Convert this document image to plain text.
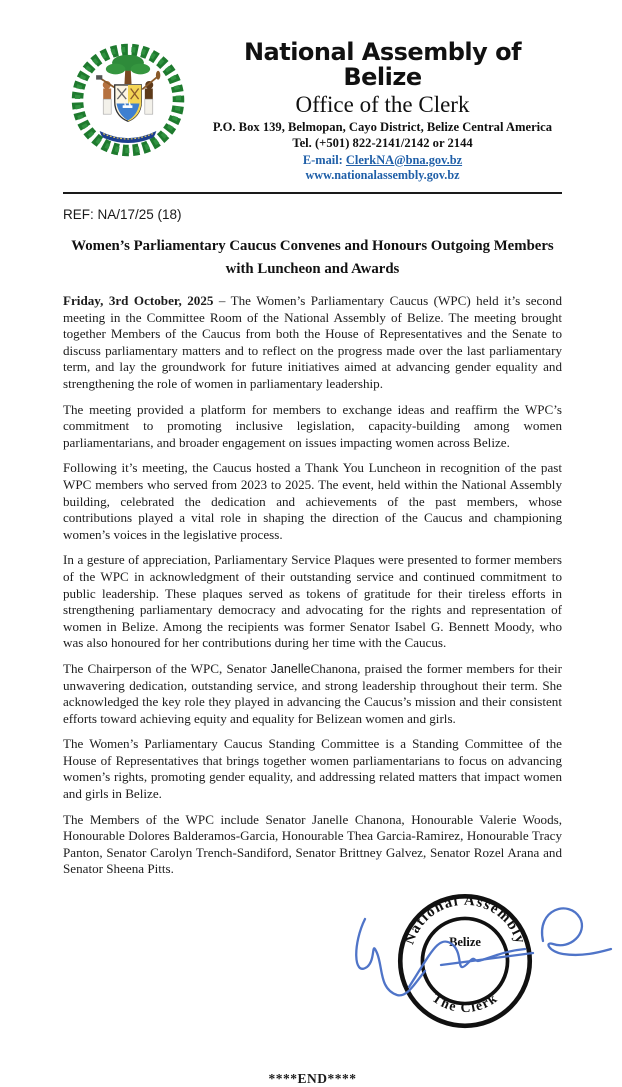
National Assembly of Belize
Office of the Clerk
P.O. Box 139, Belmopan, Cayo District, Belize Central America
Tel. (+501) 822-2141/2142 or 2144
E-mail: ClerkNA@bna.gov.bz
www.nationalassembly.gov.bz
REF: NA/17/25 (18)
Women’s Parliamentary Caucus Convenes and Honours Outgoing Members with Luncheon and Awards

Friday, 3rd October, 2025 – The Women’s Parliamentary Caucus (WPC) held it’s second meeting in the Committee Room of the National Assembly of Belize. The meeting brought together Members of the Caucus from both the House of Representatives and the Senate to discuss parliamentary matters and to reflect on the progress made over the last parliamentary term, and lay the groundwork for future initiatives aimed at advancing gender equality and strengthening the role of women in parliamentary leadership.

The meeting provided a platform for members to exchange ideas and reaffirm the WPC’s commitment to promoting inclusive legislation, capacity-building among women parliamentarians, and broader engagement on issues impacting women across Belize.

Following it’s meeting, the Caucus hosted a Thank You Luncheon in recognition of the past WPC members who served from 2023 to 2025. The event, held within the National Assembly building, celebrated the dedication and achievements of the past members, whose contributions played a vital role in shaping the direction of the Caucus and championing women’s voices in the legislative process.

In a gesture of appreciation, Parliamentary Service Plaques were presented to former members of the WPC in acknowledgment of their outstanding service and continued commitment to public leadership. These plaques served as tokens of gratitude for their tireless efforts in strengthening parliamentary democracy and advocating for the rights and representation of women in Belize. Among the recipients was former Senator Isabel G. Bennett Moody, who was also honoured for her contributions during her time with the Caucus.

The Chairperson of the WPC, Senator JanelleChanona, praised the former members for their unwavering dedication, outstanding service, and strong leadership throughout their term. She acknowledged the key role they played in advancing the Caucus’s mission and their consistent efforts toward achieving equity and equality for Belizean women and girls.

The Women’s Parliamentary Caucus Standing Committee is a Standing Committee of the House of Representatives that brings together women parliamentarians to focus on advancing women’s rights, promoting gender equality, and addressing related matters that impact women and girls in Belize.

The Members of the WPC include Senator Janelle Chanona, Honourable Valerie Woods, Honourable Dolores Balderamos-Garcia, Honourable Thea Garcia-Ramirez, Honourable Tracy Panton, Senator Carolyn Trench-Sandiford, Senator Brittney Galvez, Senator Rozel Arana and Senator Sheena Pitts.

National Assembly
The Clerk
Belize
****END****
